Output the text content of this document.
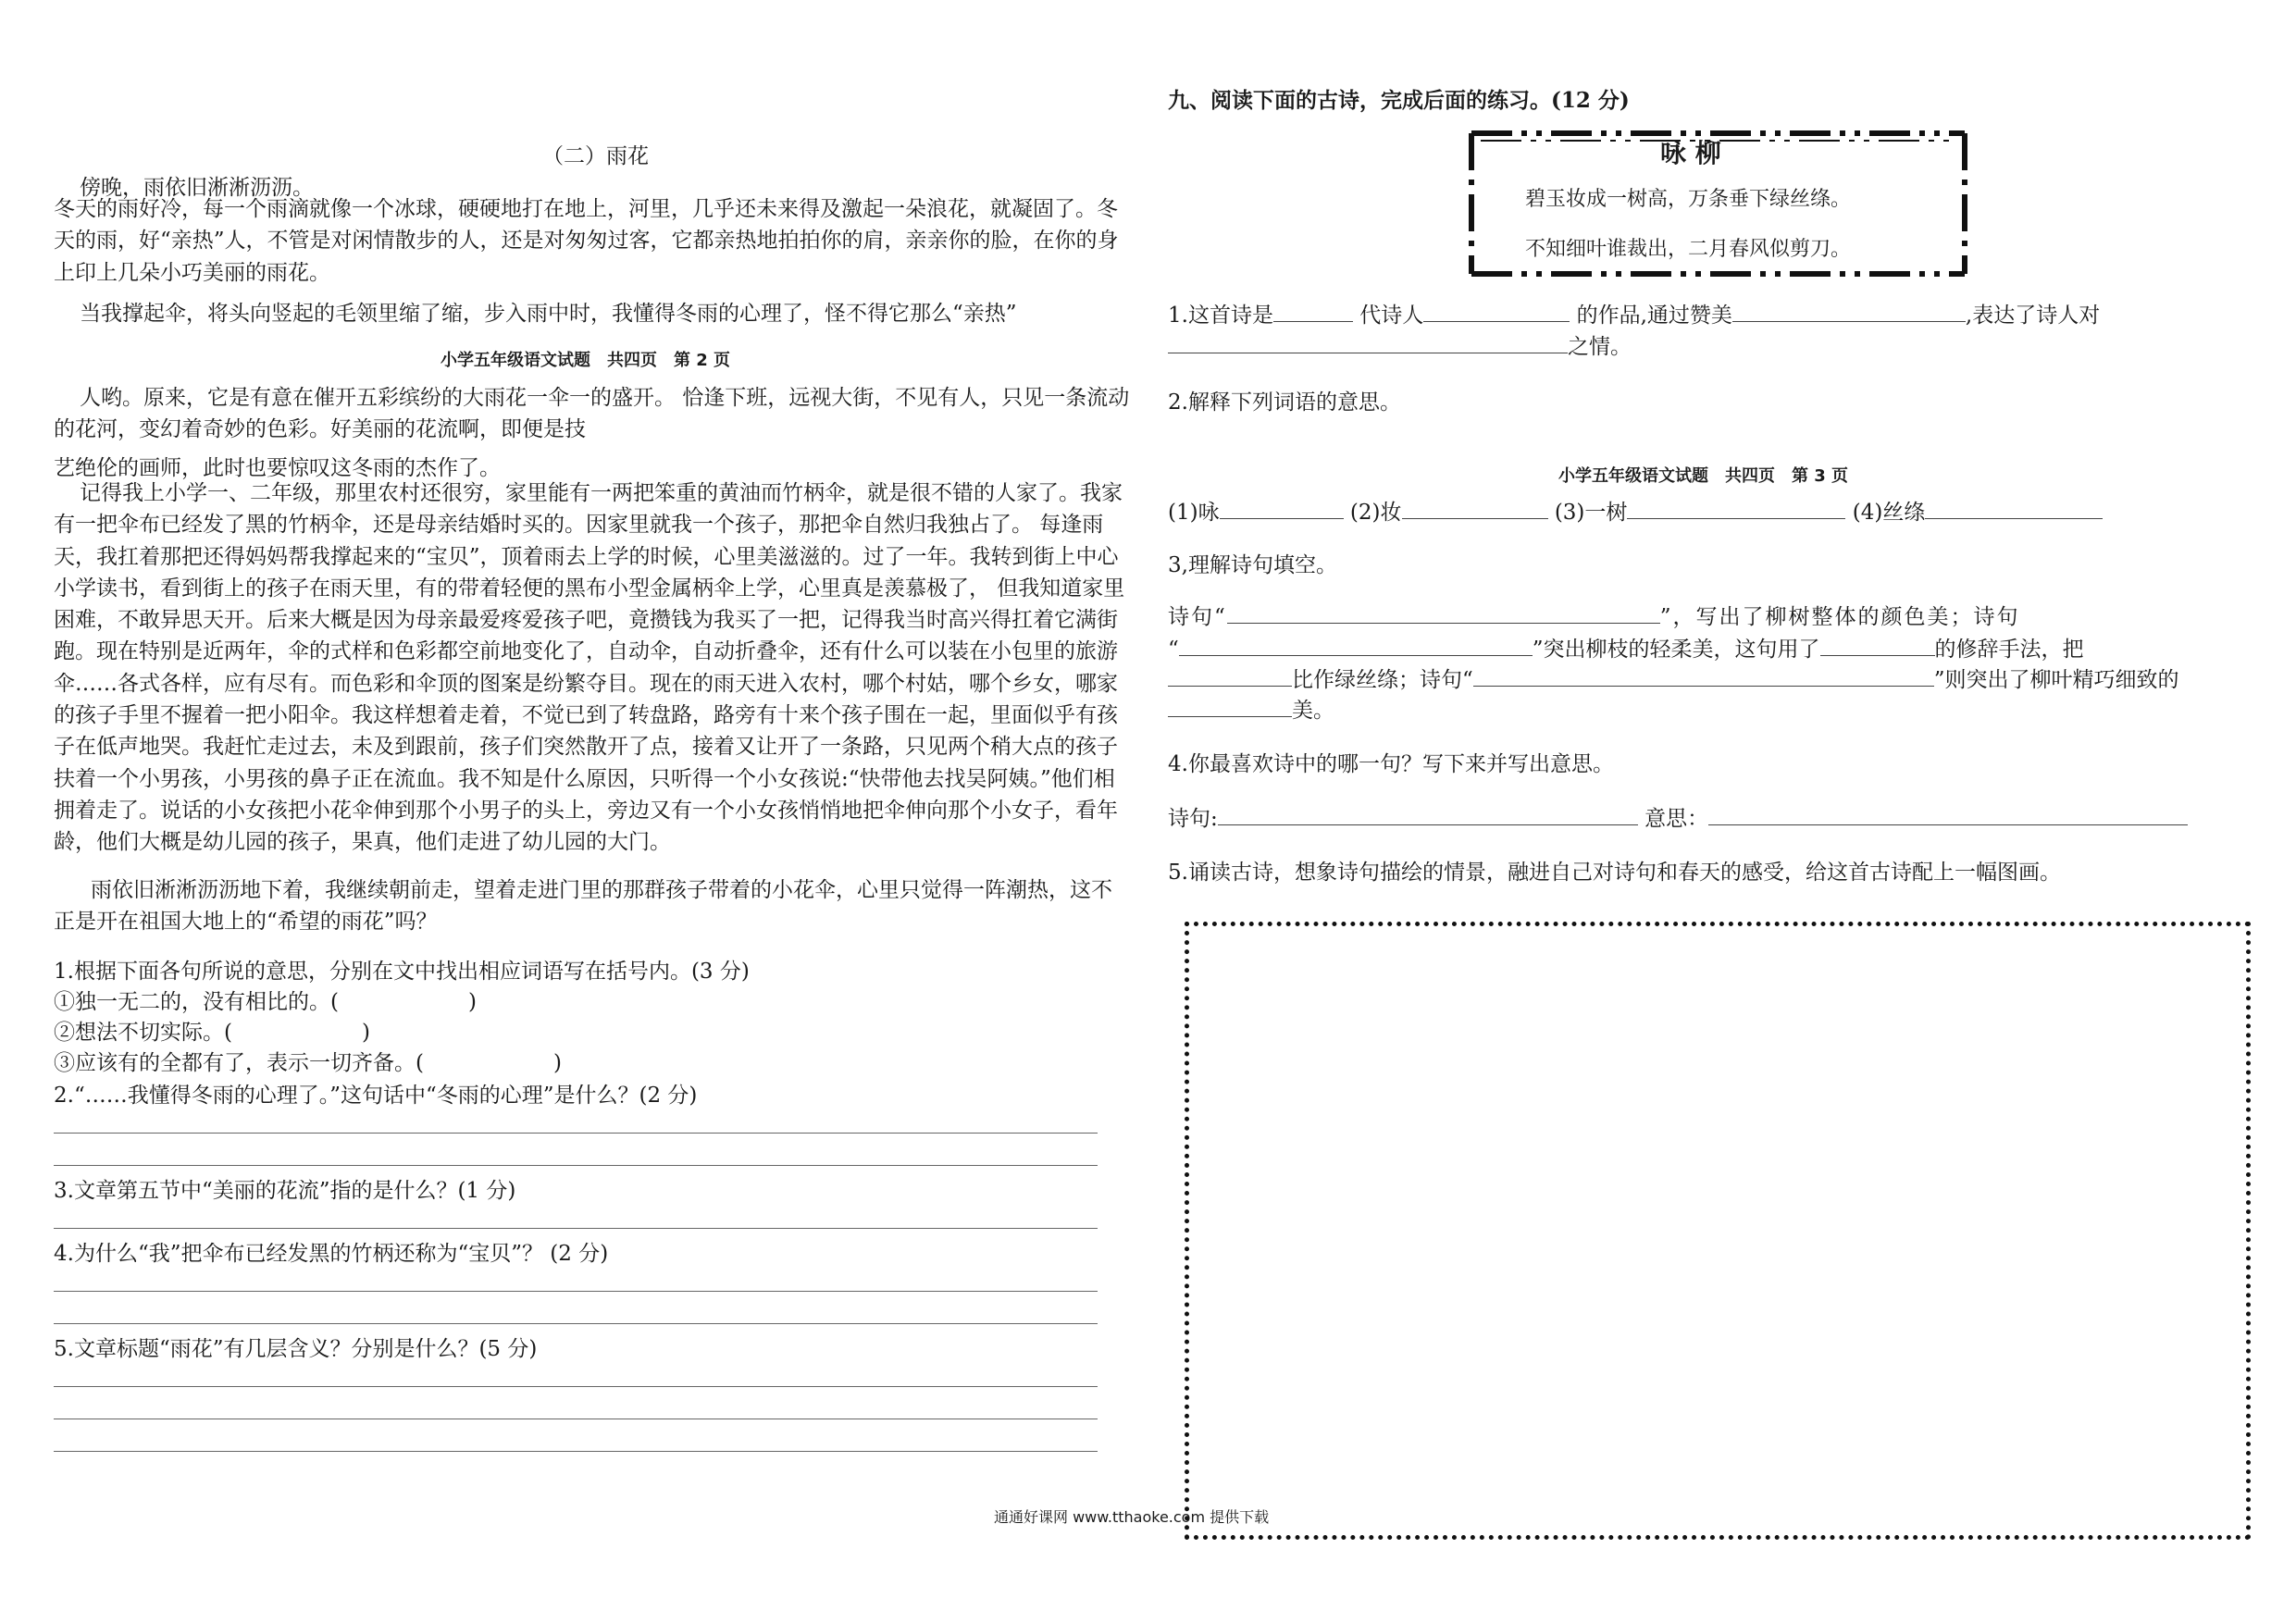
（二）雨花
傍晚，雨依旧淅淅沥沥。

冬天的雨好冷，每一个雨滴就像一个冰球，硬硬地打在地上，河里，几乎还未来得及激起一朵浪花，就凝固了。冬天的雨，好“亲热”人，不管是对闲情散步的人，还是对匆匆过客，它都亲热地拍拍你的肩，亲亲你的脸，在你的身上印上几朵小巧美丽的雨花。

当我撑起伞，将头向竖起的毛领里缩了缩，步入雨中时，我懂得冬雨的心理了，怪不得它那么“亲热”
小学五年级语文试题　共四页　第 2 页

人哟。原来，它是有意在催开五彩缤纷的大雨花一伞一的盛开。 恰逢下班，远视大街，不见有人，只见一条流动的花河，变幻着奇妙的色彩。好美丽的花流啊，即便是技

艺绝伦的画师，此时也要惊叹这冬雨的杰作了。

记得我上小学一、二年级，那里农村还很穷，家里能有一两把笨重的黄油而竹柄伞，就是很不错的人家了。我家有一把伞布已经发了黑的竹柄伞，还是母亲结婚时买的。因家里就我一个孩子，那把伞自然归我独占了。 每逢雨天，我扛着那把还得妈妈帮我撑起来的“宝贝”，顶着雨去上学的时候，心里美滋滋的。过了一年。我转到街上中心小学读书，看到街上的孩子在雨天里，有的带着轻便的黑布小型金属柄伞上学，心里真是羡慕极了， 但我知道家里困难，不敢异思天开。后来大概是因为母亲最爱疼爱孩子吧，竟攒钱为我买了一把，记得我当时高兴得扛着它满街跑。现在特别是近两年，伞的式样和色彩都空前地变化了，自动伞，自动折叠伞，还有什么可以装在小包里的旅游伞……各式各样，应有尽有。而色彩和伞顶的图案是纷繁夺目。现在的雨天进入农村，哪个村姑，哪个乡女，哪家的孩子手里不握着一把小阳伞。我这样想着走着，不觉已到了转盘路，路旁有十来个孩子围在一起，里面似乎有孩子在低声地哭。我赶忙走过去，未及到跟前，孩子们突然散开了点，接着又让开了一条路，只见两个稍大点的孩子扶着一个小男孩，小男孩的鼻子正在流血。我不知是什么原因，只听得一个小女孩说:“快带他去找吴阿姨。”他们相拥着走了。说话的小女孩把小花伞伸到那个小男子的头上，旁边又有一个小女孩悄悄地把伞伸向那个小女子，看年龄，他们大概是幼儿园的孩子，果真，他们走进了幼儿园的大门。

雨依旧淅淅沥沥地下着，我继续朝前走，望着走进门里的那群孩子带着的小花伞，心里只觉得一阵潮热，这不正是开在祖国大地上的“希望的雨花”吗？

1.根据下面各句所说的意思，分别在文中找出相应词语写在括号内。(3 分)
①独一无二的，没有相比的。(	)
②想法不切实际。(	)
③应该有的全都有了，表示一切齐备。(	)
2.“……我懂得冬雨的心理了。”这句话中“冬雨的心理”是什么？(2 分)
3.文章第五节中“美丽的花流”指的是什么？(1 分)
4.为什么“我”把伞布已经发黑的竹柄还称为“宝贝”？ (2 分)
5.文章标题“雨花”有几层含义？分别是什么？(5 分)
九、阅读下面的古诗，完成后面的练习。(12 分)
咏 柳
碧玉妆成一树高，万条垂下绿丝绦。
不知细叶谁裁出，二月春风似剪刀。
1.这首诗是	代诗人	的作品,通过赞美	,表达了诗人对
之情。
2.解释下列词语的意思。
小学五年级语文试题　共四页　第 3 页
(1)咏	(2)妆	(3)一树	(4)丝绦
3,理解诗句填空。
诗句“	”，写出了柳树整体的颜色美；诗句
“	”突出柳枝的轻柔美，这句用了	的修辞手法，把
比作绿丝绦；诗句“	”则突出了柳叶精巧细致的
美。
4.你最喜欢诗中的哪一句？写下来并写出意思。
诗句:	意思：
5.诵读古诗，想象诗句描绘的情景，融进自己对诗句和春天的感受，给这首古诗配上一幅图画。
通通好课网 www.tthaoke.com 提供下载
